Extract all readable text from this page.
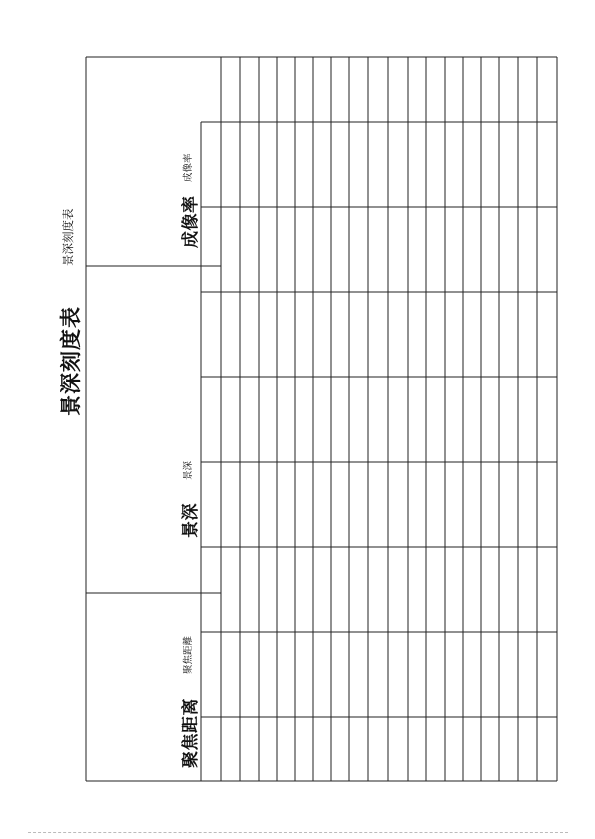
景深刻度表
景深刻度表
聚焦距离
聚焦距離
景深
景深
成像率
成像率
